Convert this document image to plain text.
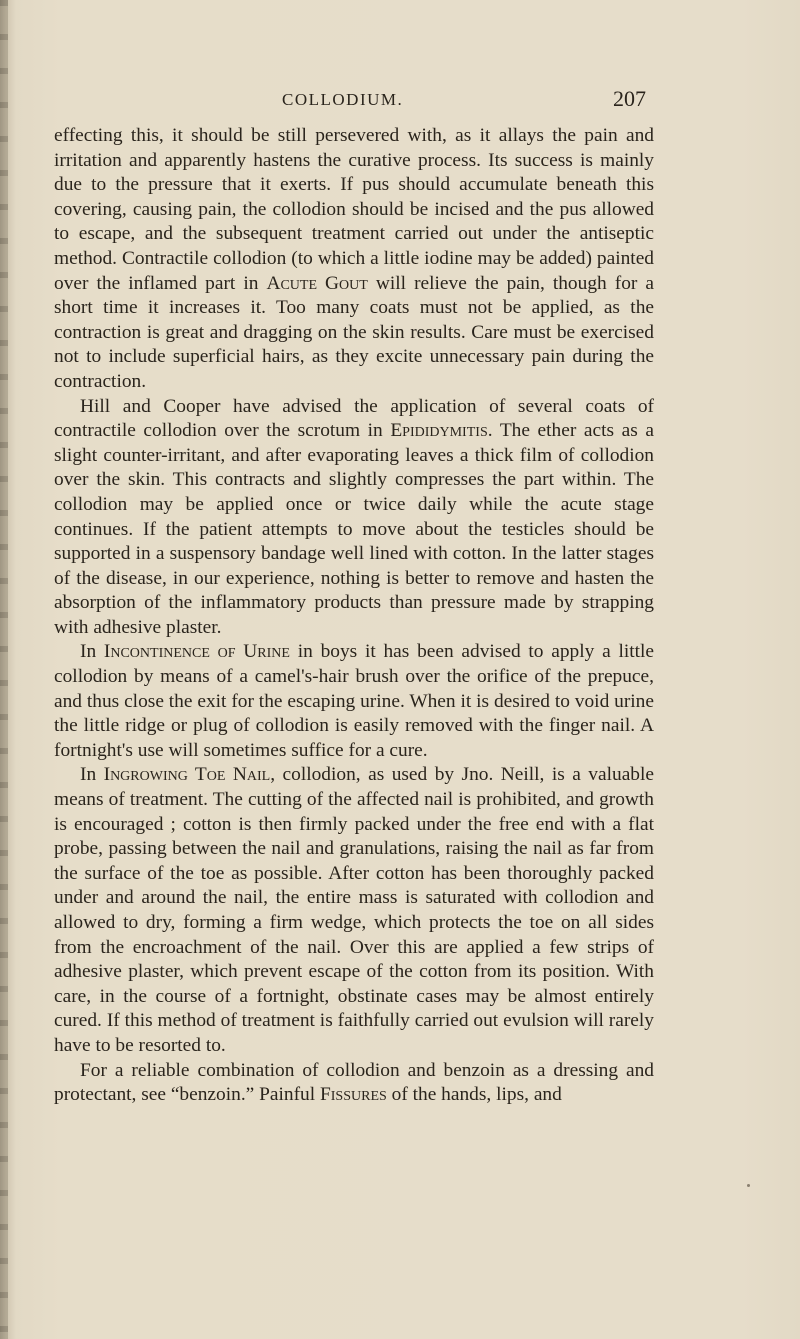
COLLODIUM.	207

effecting this, it should be still persevered with, as it allays the pain and irritation and apparently hastens the curative process. Its success is mainly due to the pressure that it exerts. If pus should accumulate beneath this covering, causing pain, the collodion should be incised and the pus allowed to escape, and the subsequent treatment carried out under the antiseptic method. Contractile collodion (to which a little iodine may be added) painted over the inflamed part in Acute Gout will relieve the pain, though for a short time it increases it. Too many coats must not be applied, as the contraction is great and dragging on the skin results. Care must be exercised not to include superficial hairs, as they excite unnecessary pain during the contraction.

Hill and Cooper have advised the application of several coats of contractile collodion over the scrotum in Epididymitis. The ether acts as a slight counter-irritant, and after evaporating leaves a thick film of collodion over the skin. This contracts and slightly compresses the part within. The collodion may be applied once or twice daily while the acute stage continues. If the patient attempts to move about the testicles should be supported in a suspensory bandage well lined with cotton. In the latter stages of the disease, in our experience, nothing is better to remove and hasten the absorption of the inflammatory products than pressure made by strapping with adhesive plaster.

In Incontinence of Urine in boys it has been advised to apply a little collodion by means of a camel's-hair brush over the orifice of the prepuce, and thus close the exit for the escaping urine. When it is desired to void urine the little ridge or plug of collodion is easily removed with the finger nail. A fortnight's use will sometimes suffice for a cure.

In Ingrowing Toe Nail, collodion, as used by Jno. Neill, is a valuable means of treatment. The cutting of the affected nail is prohibited, and growth is encouraged ; cotton is then firmly packed under the free end with a flat probe, passing between the nail and granulations, raising the nail as far from the surface of the toe as possible. After cotton has been thoroughly packed under and around the nail, the entire mass is saturated with collodion and allowed to dry, forming a firm wedge, which protects the toe on all sides from the encroachment of the nail. Over this are applied a few strips of adhesive plaster, which prevent escape of the cotton from its position. With care, in the course of a fortnight, obstinate cases may be almost entirely cured. If this method of treatment is faithfully carried out evulsion will rarely have to be resorted to.

For a reliable combination of collodion and benzoin as a dressing and protectant, see “benzoin.” Painful Fissures of the hands, lips, and
